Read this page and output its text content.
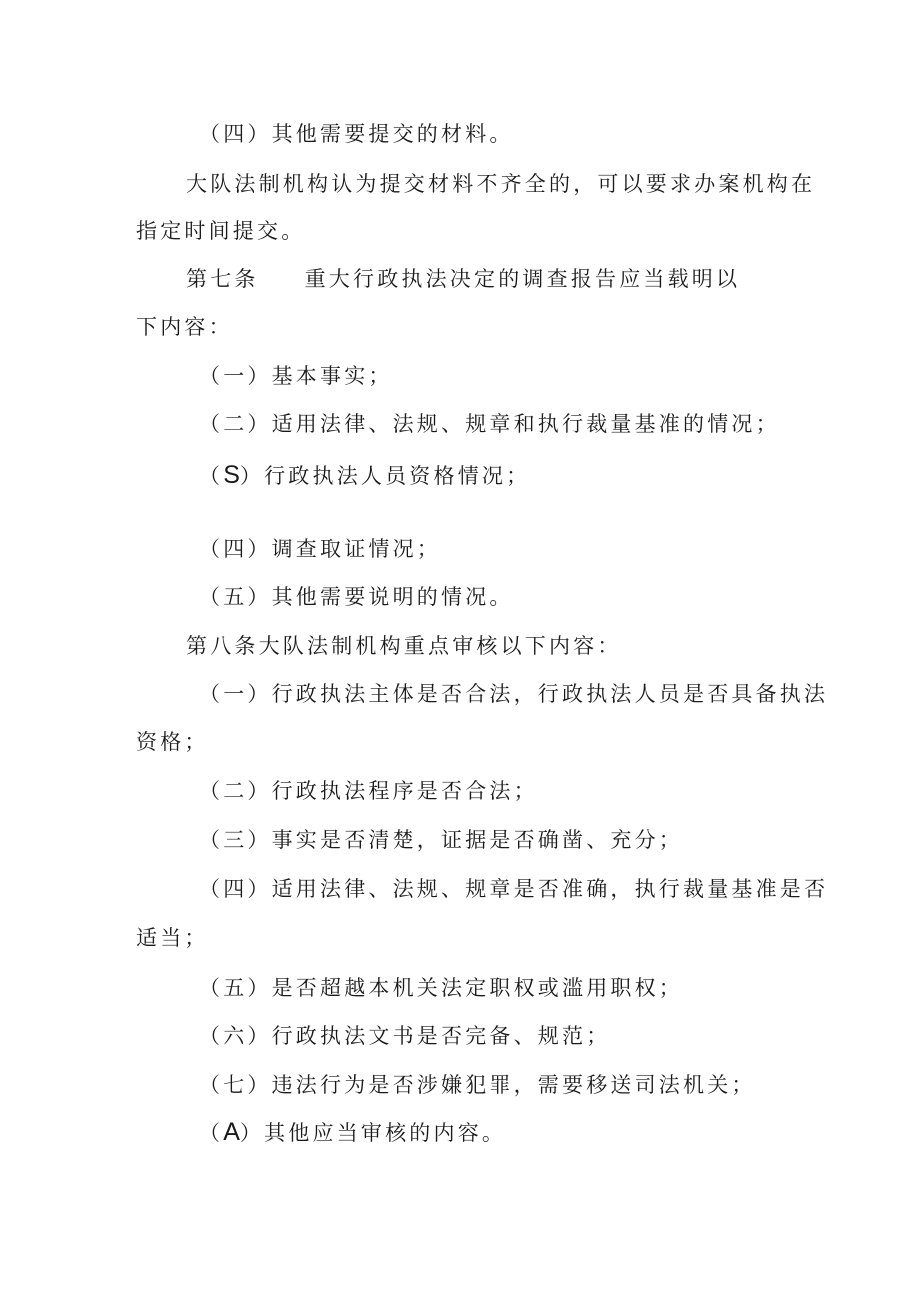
（四）其他需要提交的材料。
大队法制机构认为提交材料不齐全的，可以要求办案机构在
指定时间提交。
第七条 重大行政执法决定的调查报告应当载明以
下内容：
（一）基本事实；
（二）适用法律、法规、规章和执行裁量基准的情况；
（S）行政执法人员资格情况；
（四）调查取证情况；
（五）其他需要说明的情况。
第八条大队法制机构重点审核以下内容：
（一）行政执法主体是否合法，行政执法人员是否具备执法
资格；
（二）行政执法程序是否合法；
（三）事实是否清楚，证据是否确凿、充分；
（四）适用法律、法规、规章是否准确，执行裁量基准是否
适当；
（五）是否超越本机关法定职权或滥用职权；
（六）行政执法文书是否完备、规范；
（七）违法行为是否涉嫌犯罪，需要移送司法机关；
（A）其他应当审核的内容。
